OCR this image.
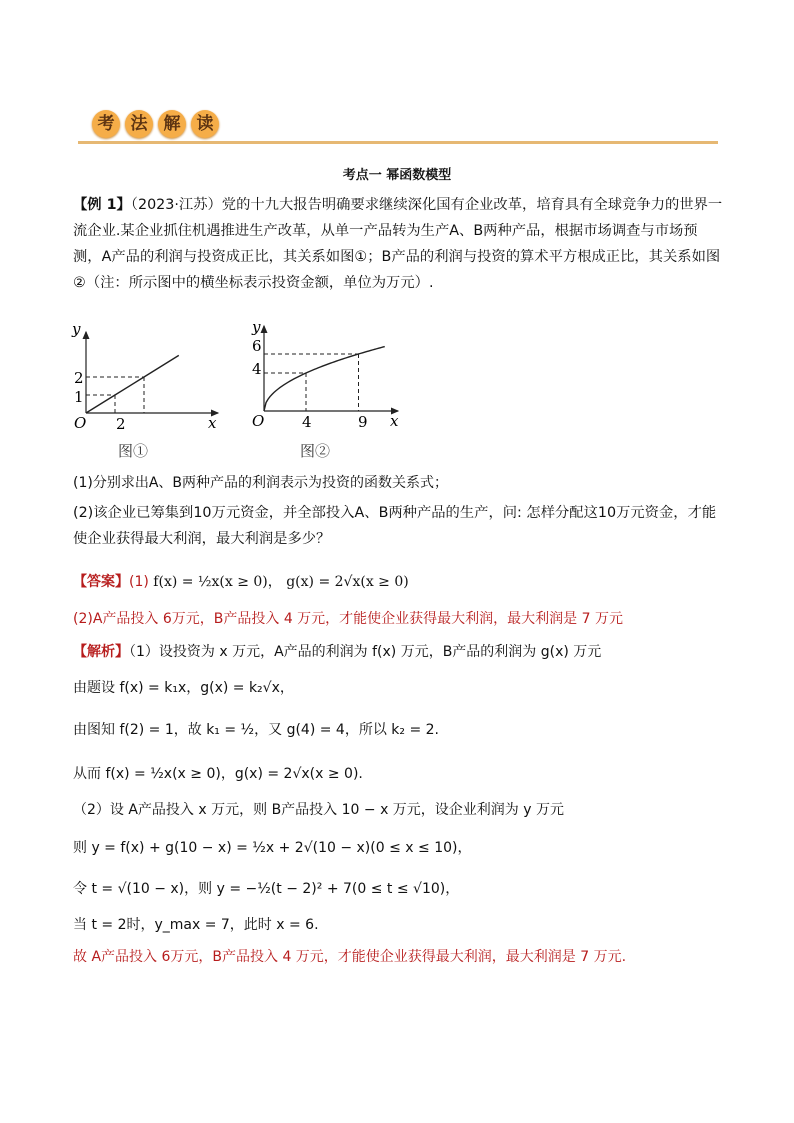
考 法 解 读
考点一 幂函数模型
【例 1】（2023·江苏）党的十九大报告明确要求继续深化国有企业改革，培育具有全球竞争力的世界一流企业.某企业抓住机遇推进生产改革，从单一产品转为生产A、B两种产品，根据市场调查与市场预测，A产品的利润与投资成正比，其关系如图①；B产品的利润与投资的算术平方根成正比，其关系如图②（注：所示图中的横坐标表示投资金额，单位为万元）.
y
x
O 2
1
2
图①
y
x
O	4	9
4
6
图②
(1)分别求出A、B两种产品的利润表示为投资的函数关系式；
(2)该企业已筹集到10万元资金，并全部投入A、B两种产品的生产，问: 怎样分配这10万元资金，才能使企业获得最大利润，最大利润是多少？
【答案】(1) f(x) = ½x(x ≥ 0)， g(x) = 2√x(x ≥ 0)
(2)A产品投入 6万元，B产品投入 4 万元，才能使企业获得最大利润，最大利润是 7 万元
【解析】（1）设投资为 x 万元，A产品的利润为 f(x) 万元，B产品的利润为 g(x) 万元
由题设 f(x) = k₁x，g(x) = k₂√x，
由图知 f(2) = 1，故 k₁ = ½，又 g(4) = 4，所以 k₂ = 2.
从而 f(x) = ½x(x ≥ 0)，g(x) = 2√x(x ≥ 0).
（2）设 A产品投入 x 万元，则 B产品投入 10 − x 万元，设企业利润为 y 万元
则 y = f(x) + g(10 − x) = ½x + 2√(10 − x)(0 ≤ x ≤ 10)，
令 t = √(10 − x)，则 y = −½(t − 2)² + 7(0 ≤ t ≤ √10)，
当 t = 2时，y_max = 7，此时 x = 6.
故 A产品投入 6万元，B产品投入 4 万元，才能使企业获得最大利润，最大利润是 7 万元.
